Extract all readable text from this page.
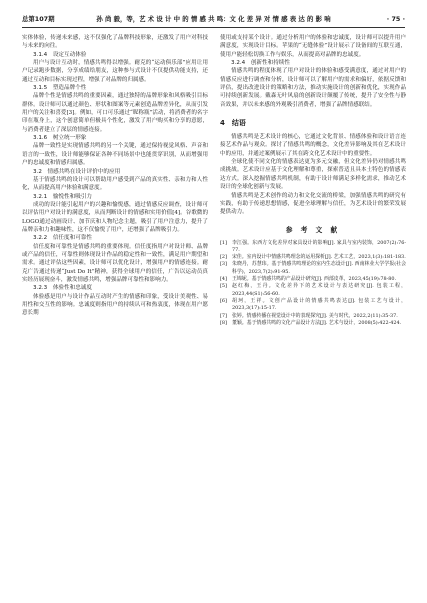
总第107期	孙 尚 毅，等，艺 术 设 计 中 的 情 感 共 鸣：文 化 差 异 对 情 感 表 达 的 影 响	· 75 ·

实体体验，传递未来感，这不仅强化了品牌科技形象，还激发了用户对科技与未来的向往。

3.1.4　设定互动体验

用户与设计互动时，情感共鸣得以增强。耐克的“运动俱乐部”应用让用户记录跑步数据，分享成绩给朋友，这种参与式设计不仅提供功能支持，还通过互动和目标实现过程，增强了对品牌的归属感。

3.1.5　塑造品牌个性

品牌个性是情感共鸣的重要因素，通过独特的品牌形象和风格吸引目标群体。设计师可以通过颜色、形状和图案等元素创造品牌差异化，从而引发用户的关注和喜爱[3]。例如，可口可乐通过“昵称瓶”活动，将消费者的名字印在瓶身上，这个创意简单但极具个性化，激发了用户购买和分享的意愿，与消费者建立了深层的情感连接。

3.1.6　树立统一形象

品牌一致性是实现情感共鸣的另一个关键，通过保持视觉风格、声音和语言的一致性，设计师能够保证各种不同场景中也能贯穿识别，从而增强用户的忠诚度和情感归属感。

3.2　情感共鸣在设计评价中的应用

基于情感共鸣的设计可以帮助用户感受到产品的真实性、亲和力和人性化，从而提高用户体验和满意度。

3.2.1　愉悦性和吸引力

成功的设计能引起用户的兴趣和愉悦感，通过情感反应调查，设计师可以评估用户对设计的满意度，从而判断设计的情感和实用价值[4]。谷歌微的LOGO通过动画设计、加节庆和人物纪念主题，吸引了用户注意力，提升了品牌亲和力和趣味性，这不仅愉悦了用户，还增强了品牌吸引力。

3.2.2　信任度和可靠性

信任度和可靠性是情感共鸣的重要体现。信任度指用户对设计师、品牌或产品的信任，可靠性则体现设计作品的稳定性和一致性，满足用户期望和需求。通过评估这些因素，设计师可以优化设计，增强用户的情感连接。耐克广告通过传递“Just Do It”精神，获得全球用户的信任，广告以运动员真实经历展现奋斗，激发情感共鸣，增强品牌可靠性和影响力。

3.2.3　体验性和忠诚度

体验感是用户与设计作品互动时产生的情感和印象，受设计美观性、易用性和交互性的影响。忠诚度则指用户的持续认可和热衷度，体现在用户愿意长期

使用或支持某个设计。通过分析用户的体验和忠诚度，设计师可以提升用户满意度，实现设计目标。苹果的“无缝体验”设计展示了设备间的互联互通，使用户能轻松切换工作与娱乐，从而提高对品牌的忠诚度。

3.2.4　创新性和持续性

情感共鸣的程度体现了用户对设计的体验和感受满意度，通过对用户的情感反应进行调查和分析，设计师可以了解用户的需求和偏好，依据反馈和评估，提出改进设计的策略和方法，推动实施设计的创新和优化，实现作品可持续创新发展。戴森无叶风扇的创新设计颠覆了传统，提升了安全性与静音效果，并以未来感的外观吸引消费者，增强了品牌情感联结。

4　结语

情感共鸣是艺术设计的核心，它通过文化背景、情感体验和设计语言连接艺术作品与观众。探讨了情感共鸣的概念，文化差异影响及其在艺术设计中的应用，并通过案例展示了其在跨文化艺术设计中的重要性。

全球化使不同文化的情感表达更为多元交融，但文化差异仍对情感共鸣成挑战。艺术设计应基于文化理解和尊重，探索普适且具本土特色的情感表达方式。深入挖掘情感共鸣机制，有助于设计师满足多样化需求，推动艺术设计的全球化创新与发展。

情感共鸣是艺术创作的动力和文化交流的桥梁，加强情感共鸣的研究有实践，有助于传递思想情感，促进全球理解与信任，为艺术设计的繁荣发展提供动力。

参 考 文 献
[1]	李江强。东西方文化差异对家具设计的影响[J]. 家具与室内装饰，2007(2):76-77.
[2]	宋佳。室内设计中情感共鸣理念的运用探析[J]. 艺术工艺，2023,1(3):181-183.
[3]	朱晓丹，苏慧玮。基于情感共鸣理论的室内生态设计[J]. 西南林业大学学报(社会科学)，2023,7(2):91-95.
[4]	王锦妮。基于情感共鸣的产品设计研究[J]. 西部皮革，2023,45(19):78-80.
[5]	赵红梅，王丹。文化差异下的艺术设计与表达研究[J]. 包装工程，2023,44(S1):56-60.
[6]	胡珂，王祥。文创产品设计的情感共鸣表达[J]. 包装工艺与设计，2023,3(17):15-17.
[7]	张婷。情感传播在视觉设计中的表现探究[J]. 美与时代，2022,2(11):35-37.
[8]	董颖。基于情感共鸣的文化产品设计方法[J]. 艺术与设计，2008(5):422-424.
